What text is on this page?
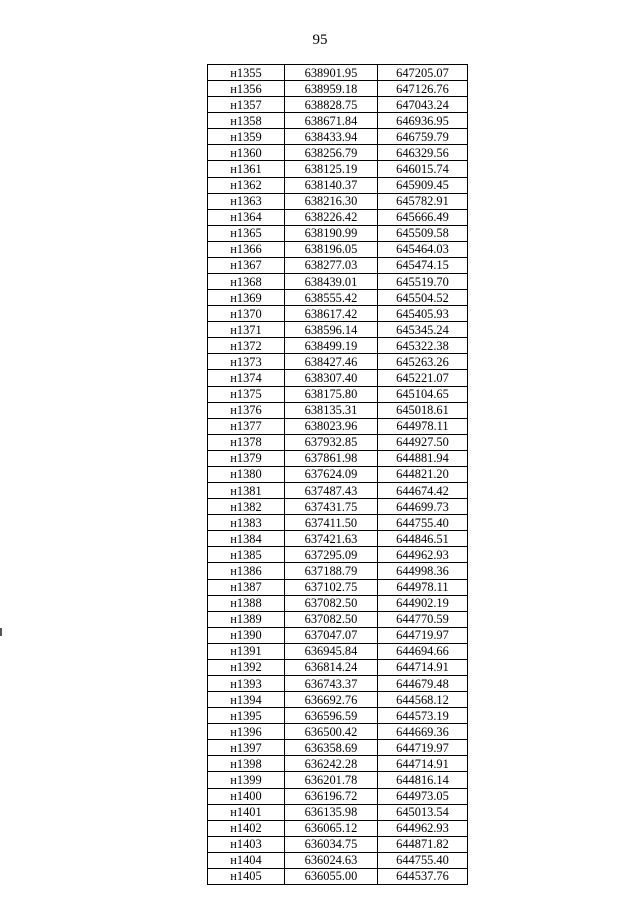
95
н1355	638901.95	647205.07
н1356	638959.18	647126.76
н1357	638828.75	647043.24
н1358	638671.84	646936.95
н1359	638433.94	646759.79
н1360	638256.79	646329.56
н1361	638125.19	646015.74
н1362	638140.37	645909.45
н1363	638216.30	645782.91
н1364	638226.42	645666.49
н1365	638190.99	645509.58
н1366	638196.05	645464.03
н1367	638277.03	645474.15
н1368	638439.01	645519.70
н1369	638555.42	645504.52
н1370	638617.42	645405.93
н1371	638596.14	645345.24
н1372	638499.19	645322.38
н1373	638427.46	645263.26
н1374	638307.40	645221.07
н1375	638175.80	645104.65
н1376	638135.31	645018.61
н1377	638023.96	644978.11
н1378	637932.85	644927.50
н1379	637861.98	644881.94
н1380	637624.09	644821.20
н1381	637487.43	644674.42
н1382	637431.75	644699.73
н1383	637411.50	644755.40
н1384	637421.63	644846.51
н1385	637295.09	644962.93
н1386	637188.79	644998.36
н1387	637102.75	644978.11
н1388	637082.50	644902.19
н1389	637082.50	644770.59
н1390	637047.07	644719.97
н1391	636945.84	644694.66
н1392	636814.24	644714.91
н1393	636743.37	644679.48
н1394	636692.76	644568.12
н1395	636596.59	644573.19
н1396	636500.42	644669.36
н1397	636358.69	644719.97
н1398	636242.28	644714.91
н1399	636201.78	644816.14
н1400	636196.72	644973.05
н1401	636135.98	645013.54
н1402	636065.12	644962.93
н1403	636034.75	644871.82
н1404	636024.63	644755.40
н1405	636055.00	644537.76
